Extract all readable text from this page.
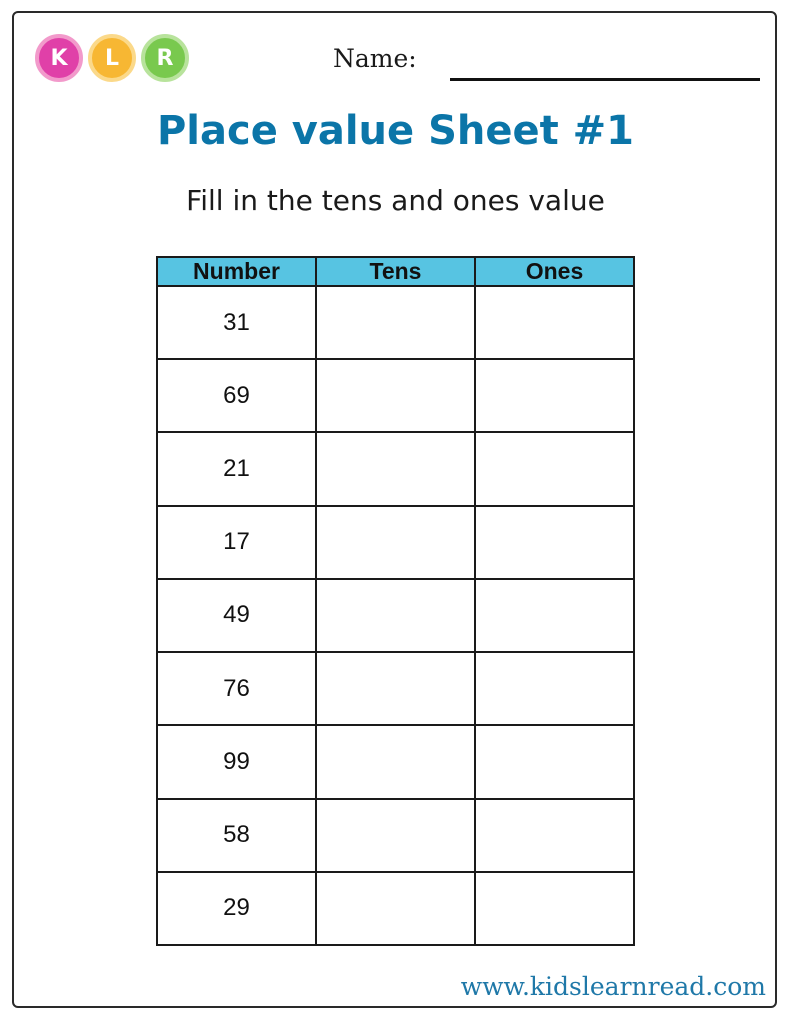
K	L	R	Name:
Place value Sheet #1
Fill in the tens and ones value
Number	Tens	Ones
31		
69		
21		
17		
49		
76		
99		
58		
29		
www.kidslearnread.com
